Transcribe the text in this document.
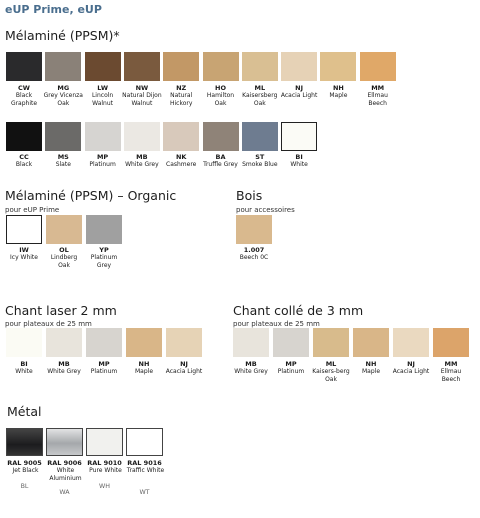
eUP Prime, eUP
Mélaminé (PPSM)*
Mélaminé (PPSM) – Organic
pour eUP Prime
Bois
pour accessoires
Chant laser 2 mm
pour plateaux de 25 mm
Chant collé de 3 mm
pour plateaux de 25 mm
Métal
CW
Black Graphite
MG
Grey Vicenza Oak
LW
Lincoln Walnut
NW
Natural Dijon Walnut
NZ
Natural Hickory
HO
Hamilton Oak
ML
Kaisersberg Oak
NJ
Acacia Light
NH
Maple
MM
Ellmau Beech
CC
Black
MS
Slate
MP
Platinum
MB
White Grey
NK
Cashmere
BA
Truffle Grey
ST
Smoke Blue
BI
White
IW
Icy White
OL
Lindberg Oak
YP
Platinum Grey
1.007
Beech 0C
BI
White
MB
White Grey
MP
Platinum
NH
Maple
NJ
Acacia Light
MB
White Grey
MP
Platinum
ML
Kaisers-berg Oak
NH
Maple
NJ
Acacia Light
MM
Ellmau Beech
RAL 9005
Jet Black
BL
RAL 9006
White Aluminium
WA
RAL 9010
Pure White
WH
RAL 9016
Traffic White
WT
